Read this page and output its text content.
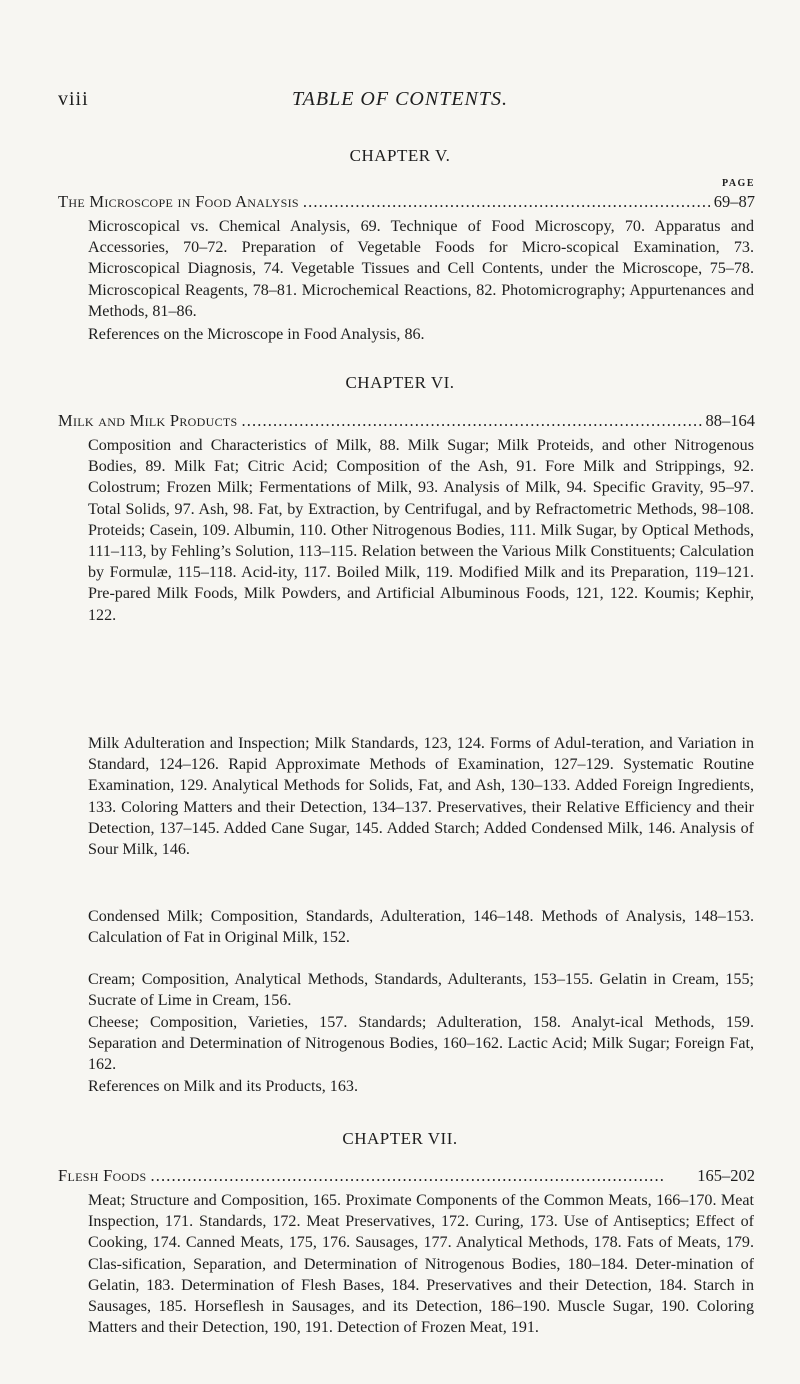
viii	TABLE OF CONTENTS.
CHAPTER V.
PAGE
The Microscope in Food Analysis . . .	69–87
Microscopical vs. Chemical Analysis, 69. Technique of Food Microscopy, 70. Apparatus and Accessories, 70–72. Preparation of Vegetable Foods for Micro-scopical Examination, 73. Microscopical Diagnosis, 74. Vegetable Tissues and Cell Contents, under the Microscope, 75–78. Microscopical Reagents, 78–81. Microchemical Reactions, 82. Photomicrography; Appurtenances and Methods, 81–86.
References on the Microscope in Food Analysis, 86.
CHAPTER VI.
Milk and Milk Products . . .	88–164
Composition and Characteristics of Milk, 88. Milk Sugar; Milk Proteids, and other Nitrogenous Bodies, 89. Milk Fat; Citric Acid; Composition of the Ash, 91. Fore Milk and Strippings, 92. Colostrum; Frozen Milk; Fermentations of Milk, 93. Analysis of Milk, 94. Specific Gravity, 95–97. Total Solids, 97. Ash, 98. Fat, by Extraction, by Centrifugal, and by Refractometric Methods, 98–108. Proteids; Casein, 109. Albumin, 110. Other Nitrogenous Bodies, 111. Milk Sugar, by Optical Methods, 111–113, by Fehling’s Solution, 113–115. Relation between the Various Milk Constituents; Calculation by Formulæ, 115–118. Acid-ity, 117. Boiled Milk, 119. Modified Milk and its Preparation, 119–121. Pre-pared Milk Foods, Milk Powders, and Artificial Albuminous Foods, 121, 122. Koumis; Kephir, 122.
Milk Adulteration and Inspection; Milk Standards, 123, 124. Forms of Adul-teration, and Variation in Standard, 124–126. Rapid Approximate Methods of Examination, 127–129. Systematic Routine Examination, 129. Analytical Methods for Solids, Fat, and Ash, 130–133. Added Foreign Ingredients, 133. Coloring Matters and their Detection, 134–137. Preservatives, their Relative Efficiency and their Detection, 137–145. Added Cane Sugar, 145. Added Starch; Added Condensed Milk, 146. Analysis of Sour Milk, 146.
Condensed Milk; Composition, Standards, Adulteration, 146–148. Methods of Analysis, 148–153. Calculation of Fat in Original Milk, 152.
Cream; Composition, Analytical Methods, Standards, Adulterants, 153–155. Gelatin in Cream, 155; Sucrate of Lime in Cream, 156.
Cheese; Composition, Varieties, 157. Standards; Adulteration, 158. Analyt-ical Methods, 159. Separation and Determination of Nitrogenous Bodies, 160–162. Lactic Acid; Milk Sugar; Foreign Fat, 162.
References on Milk and its Products, 163.
CHAPTER VII.
Flesh Foods . . .	165–202
Meat; Structure and Composition, 165. Proximate Components of the Common Meats, 166–170. Meat Inspection, 171. Standards, 172. Meat Preservatives, 172. Curing, 173. Use of Antiseptics; Effect of Cooking, 174. Canned Meats, 175, 176. Sausages, 177. Analytical Methods, 178. Fats of Meats, 179. Clas-sification, Separation, and Determination of Nitrogenous Bodies, 180–184. Deter-mination of Gelatin, 183. Determination of Flesh Bases, 184. Preservatives and their Detection, 184. Starch in Sausages, 185. Horseflesh in Sausages, and its Detection, 186–190. Muscle Sugar, 190. Coloring Matters and their Detection, 190, 191. Detection of Frozen Meat, 191.
